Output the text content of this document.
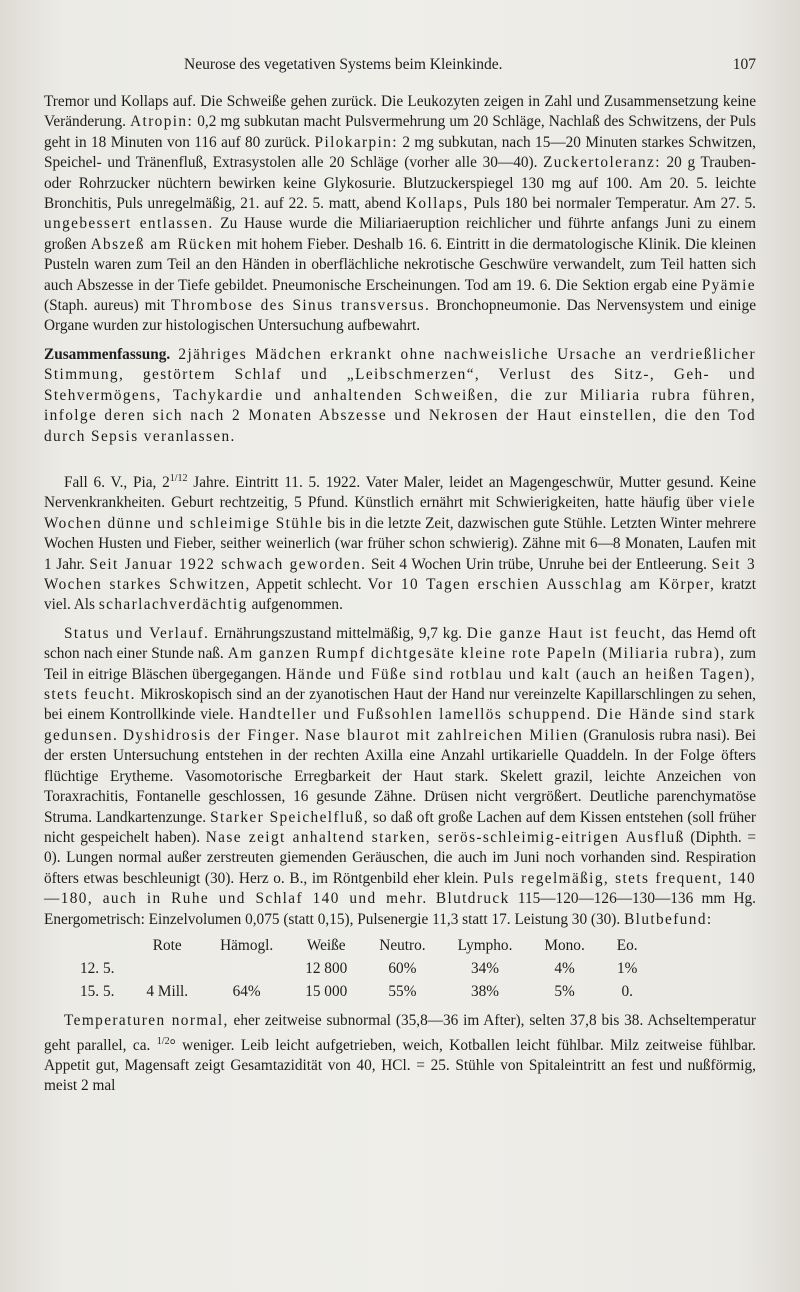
Neurose des vegetativen Systems beim Kleinkinde.	107

Tremor und Kollaps auf. Die Schweiße gehen zurück. Die Leukozyten zeigen in Zahl und Zusammensetzung keine Veränderung. Atropin: 0,2 mg subkutan macht Pulsvermehrung um 20 Schläge, Nachlaß des Schwitzens, der Puls geht in 18 Minuten von 116 auf 80 zurück. Pilokarpin: 2 mg subkutan, nach 15—20 Minuten starkes Schwitzen, Speichel- und Tränenfluß, Extrasystolen alle 20 Schläge (vorher alle 30—40). Zuckertoleranz: 20 g Trauben- oder Rohrzucker nüchtern bewirken keine Glykosurie. Blutzuckerspiegel 130 mg auf 100. Am 20. 5. leichte Bronchitis, Puls unregelmäßig, 21. auf 22. 5. matt, abend Kollaps, Puls 180 bei normaler Temperatur. Am 27. 5. ungebessert entlassen. Zu Hause wurde die Miliariaeruption reichlicher und führte anfangs Juni zu einem großen Abszeß am Rücken mit hohem Fieber. Deshalb 16. 6. Eintritt in die dermatologische Klinik. Die kleinen Pusteln waren zum Teil an den Händen in oberflächliche nekrotische Geschwüre verwandelt, zum Teil hatten sich auch Abszesse in der Tiefe gebildet. Pneumonische Erscheinungen. Tod am 19. 6. Die Sektion ergab eine Pyämie (Staph. aureus) mit Thrombose des Sinus transversus. Bronchopneumonie. Das Nervensystem und einige Organe wurden zur histologischen Untersuchung aufbewahrt.

Zusammenfassung. 2jähriges Mädchen erkrankt ohne nachweisliche Ursache an verdrießlicher Stimmung, gestörtem Schlaf und „Leibschmerzen“, Verlust des Sitz-, Geh- und Stehvermögens, Tachykardie und anhaltenden Schweißen, die zur Miliaria rubra führen, infolge deren sich nach 2 Monaten Abszesse und Nekrosen der Haut einstellen, die den Tod durch Sepsis veranlassen.

Fall 6. V., Pia, $2^{1/12}$ Jahre. Eintritt 11. 5. 1922. Vater Maler, leidet an Magengeschwür, Mutter gesund. Keine Nervenkrankheiten. Geburt rechtzeitig, 5 Pfund. Künstlich ernährt mit Schwierigkeiten, hatte häufig über viele Wochen dünne und schleimige Stühle bis in die letzte Zeit, dazwischen gute Stühle. Letzten Winter mehrere Wochen Husten und Fieber, seither weinerlich (war früher schon schwierig). Zähne mit 6—8 Monaten, Laufen mit 1 Jahr. Seit Januar 1922 schwach geworden. Seit 4 Wochen Urin trübe, Unruhe bei der Entleerung. Seit 3 Wochen starkes Schwitzen, Appetit schlecht. Vor 10 Tagen erschien Ausschlag am Körper, kratzt viel. Als scharlachverdächtig aufgenommen.

Status und Verlauf. Ernährungszustand mittelmäßig, 9,7 kg. Die ganze Haut ist feucht, das Hemd oft schon nach einer Stunde naß. Am ganzen Rumpf dichtgesäte kleine rote Papeln (Miliaria rubra), zum Teil in eitrige Bläschen übergegangen. Hände und Füße sind rotblau und kalt (auch an heißen Tagen), stets feucht. Mikroskopisch sind an der zyanotischen Haut der Hand nur vereinzelte Kapillarschlingen zu sehen, bei einem Kontrollkinde viele. Handteller und Fußsohlen lamellös schuppend. Die Hände sind stark gedunsen. Dyshidrosis der Finger. Nase blaurot mit zahlreichen Milien (Granulosis rubra nasi). Bei der ersten Untersuchung entstehen in der rechten Axilla eine Anzahl urtikarielle Quaddeln. In der Folge öfters flüchtige Erytheme. Vasomotorische Erregbarkeit der Haut stark. Skelett grazil, leichte Anzeichen von Toraxrachitis, Fontanelle geschlossen, 16 gesunde Zähne. Drüsen nicht vergrößert. Deutliche parenchymatöse Struma. Landkartenzunge. Starker Speichelfluß, so daß oft große Lachen auf dem Kissen entstehen (soll früher nicht gespeichelt haben). Nase zeigt anhaltend starken, serös-schleimig-eitrigen Ausfluß (Diphth. = 0). Lungen normal außer zerstreuten giemenden Geräuschen, die auch im Juni noch vorhanden sind. Respiration öfters etwas beschleunigt (30). Herz o. B., im Röntgenbild eher klein. Puls regelmäßig, stets frequent, 140—180, auch in Ruhe und Schlaf 140 und mehr. Blutdruck 115—120—126—130—136 mm Hg. Energometrisch: Einzelvolumen 0,075 (statt 0,15), Pulsenergie 11,3 statt 17. Leistung 30 (30). Blutbefund:

	Rote	Hämogl.	Weiße	Neutro.	Lympho.	Mono.	Eo.
12. 5.			12 800	60%	34%	4%	1%
15. 5.	4 Mill.	64%	15 000	55%	38%	5%	0.

Temperaturen normal, eher zeitweise subnormal (35,8—36 im After), selten 37,8 bis 38. Achseltemperatur geht parallel, ca. $^{1/2}$° weniger. Leib leicht aufgetrieben, weich, Kotballen leicht fühlbar. Milz zeitweise fühlbar. Appetit gut, Magensaft zeigt Gesamtazidität von 40, HCl. = 25. Stühle von Spitaleintritt an fest und nußförmig, meist 2 mal
